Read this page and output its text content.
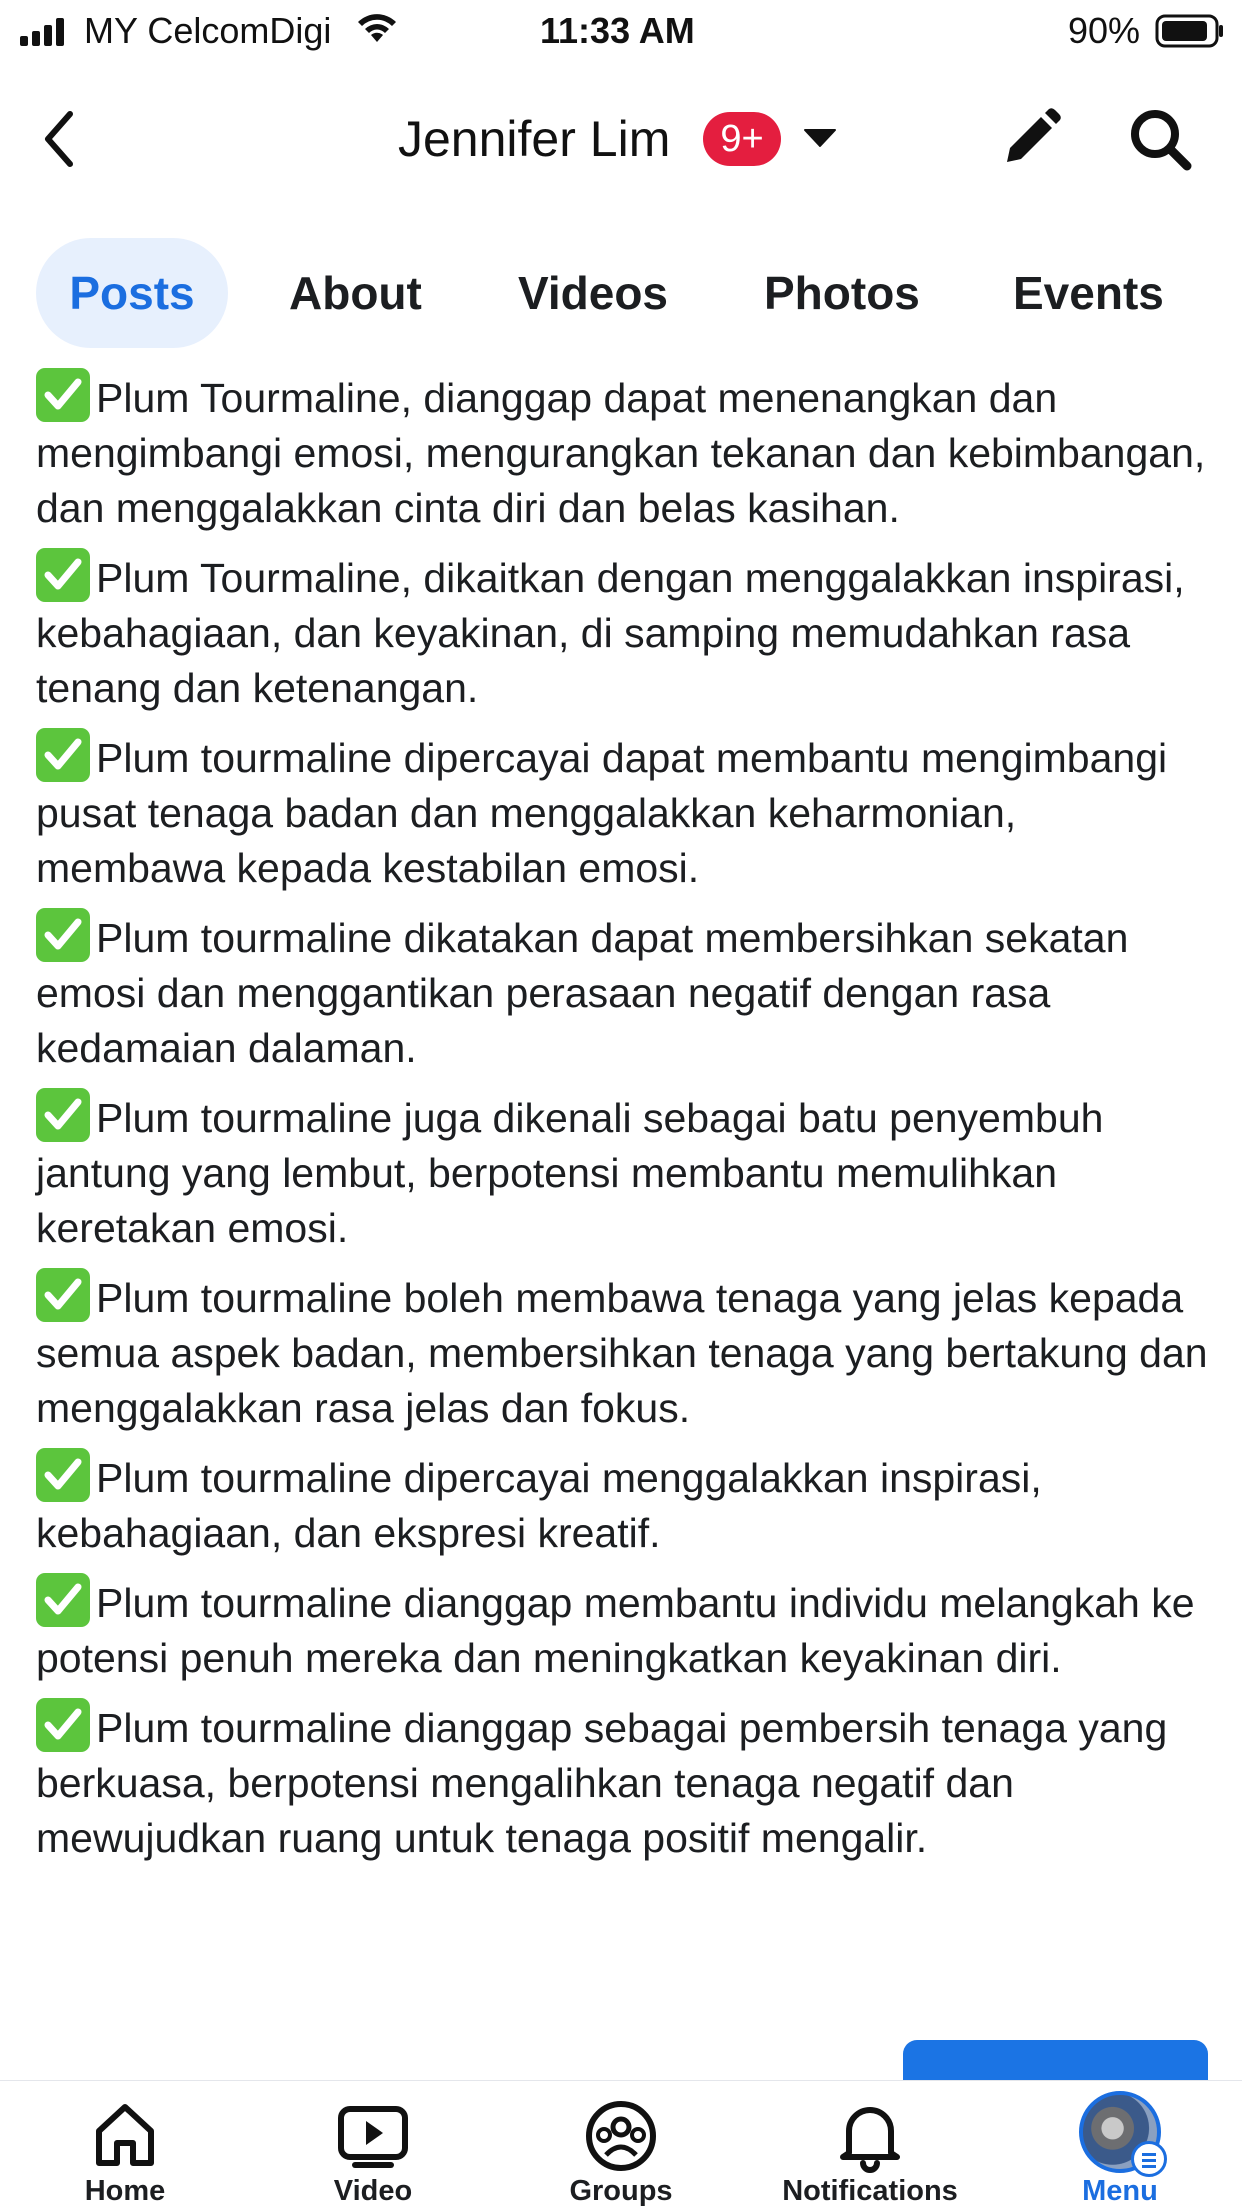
MY CelcomDigi	11:33 AM	90%
Jennifer Lim	9+
Posts	About Videos Photos Events

Plum Tourmaline, dianggap dapat menenangkan dan mengimbangi emosi, mengurangkan tekanan dan kebimbangan, dan menggalakkan cinta diri dan belas kasihan.

Plum Tourmaline, dikaitkan dengan menggalakkan inspirasi, kebahagiaan, dan keyakinan, di samping memudahkan rasa tenang dan ketenangan.

Plum tourmaline dipercayai dapat membantu mengimbangi pusat tenaga badan dan menggalakkan keharmonian, membawa kepada kestabilan emosi.

Plum tourmaline dikatakan dapat membersihkan sekatan emosi dan menggantikan perasaan negatif dengan rasa kedamaian dalaman.

Plum tourmaline juga dikenali sebagai batu penyembuh jantung yang lembut, berpotensi membantu memulihkan keretakan emosi.

Plum tourmaline boleh membawa tenaga yang jelas kepada semua aspek badan, membersihkan tenaga yang bertakung dan menggalakkan rasa jelas dan fokus.

Plum tourmaline dipercayai menggalakkan inspirasi, kebahagiaan, dan ekspresi kreatif.

Plum tourmaline dianggap membantu individu melangkah ke potensi penuh mereka dan meningkatkan keyakinan diri.

Plum tourmaline dianggap sebagai pembersih tenaga yang berkuasa, berpotensi mengalihkan tenaga negatif dan mewujudkan ruang untuk tenaga positif mengalir.

Home	Video	Groups	Notifications	Menu
